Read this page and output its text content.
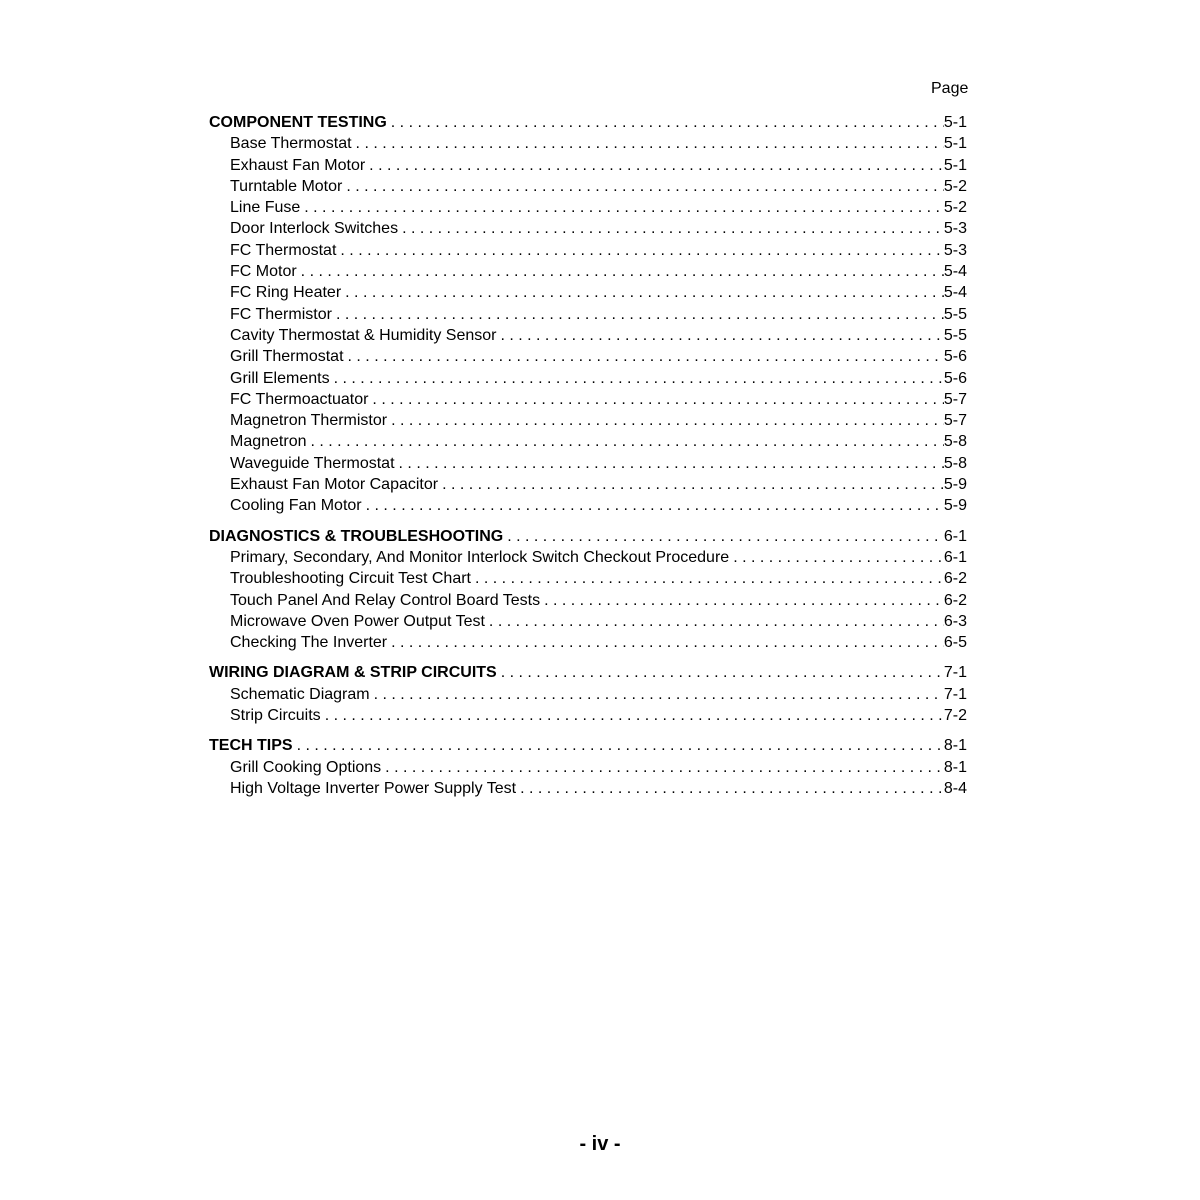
Page
COMPONENT TESTING . . .	5-1
Base Thermostat . . .	5-1
Exhaust Fan Motor . . .	5-1
Turntable Motor . . .	5-2
Line Fuse . . .	5-2
Door Interlock Switches . . .	5-3
FC Thermostat . . .	5-3
FC Motor . . .	5-4
FC Ring Heater . . .	5-4
FC Thermistor . . .	5-5
Cavity Thermostat & Humidity Sensor . . .	5-5
Grill Thermostat . . .	5-6
Grill Elements . . .	5-6
FC Thermoactuator . . .	5-7
Magnetron Thermistor . . .	5-7
Magnetron . . .	5-8
Waveguide Thermostat . . .	5-8
Exhaust Fan Motor Capacitor . . .	5-9
Cooling Fan Motor . . .	5-9
DIAGNOSTICS & TROUBLESHOOTING . . .	6-1
Primary, Secondary, And Monitor Interlock Switch Checkout Procedure . . .	6-1
Troubleshooting Circuit Test Chart . . .	6-2
Touch Panel And Relay Control Board Tests . . .	6-2
Microwave Oven Power Output Test . . .	6-3
Checking The Inverter . . .	6-5
WIRING DIAGRAM & STRIP CIRCUITS . . .	7-1
Schematic Diagram . . .	7-1
Strip Circuits . . .	7-2
TECH TIPS . . .	8-1
Grill Cooking Options . . .	8-1
High Voltage Inverter Power Supply Test . . .	8-4
- iv -
